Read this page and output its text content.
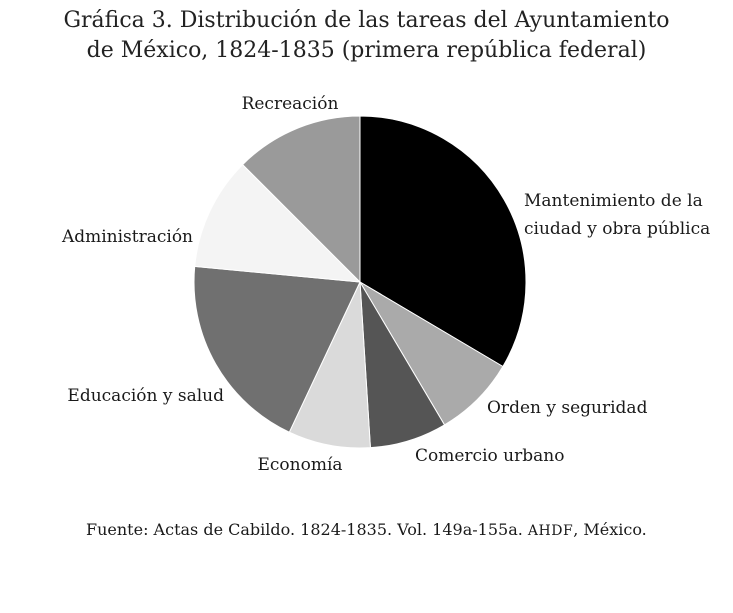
Gráfica 3. Distribución de las tareas del Ayuntamiento
de México, 1824-1835 (primera república federal)
Mantenimiento de la ciudad y obra pública
Orden y seguridad
Comercio urbano
Economía
Educación y salud
Administración
Recreación
Fuente: Actas de Cabildo. 1824-1835. Vol. 149a-155a. AHDF, México.
